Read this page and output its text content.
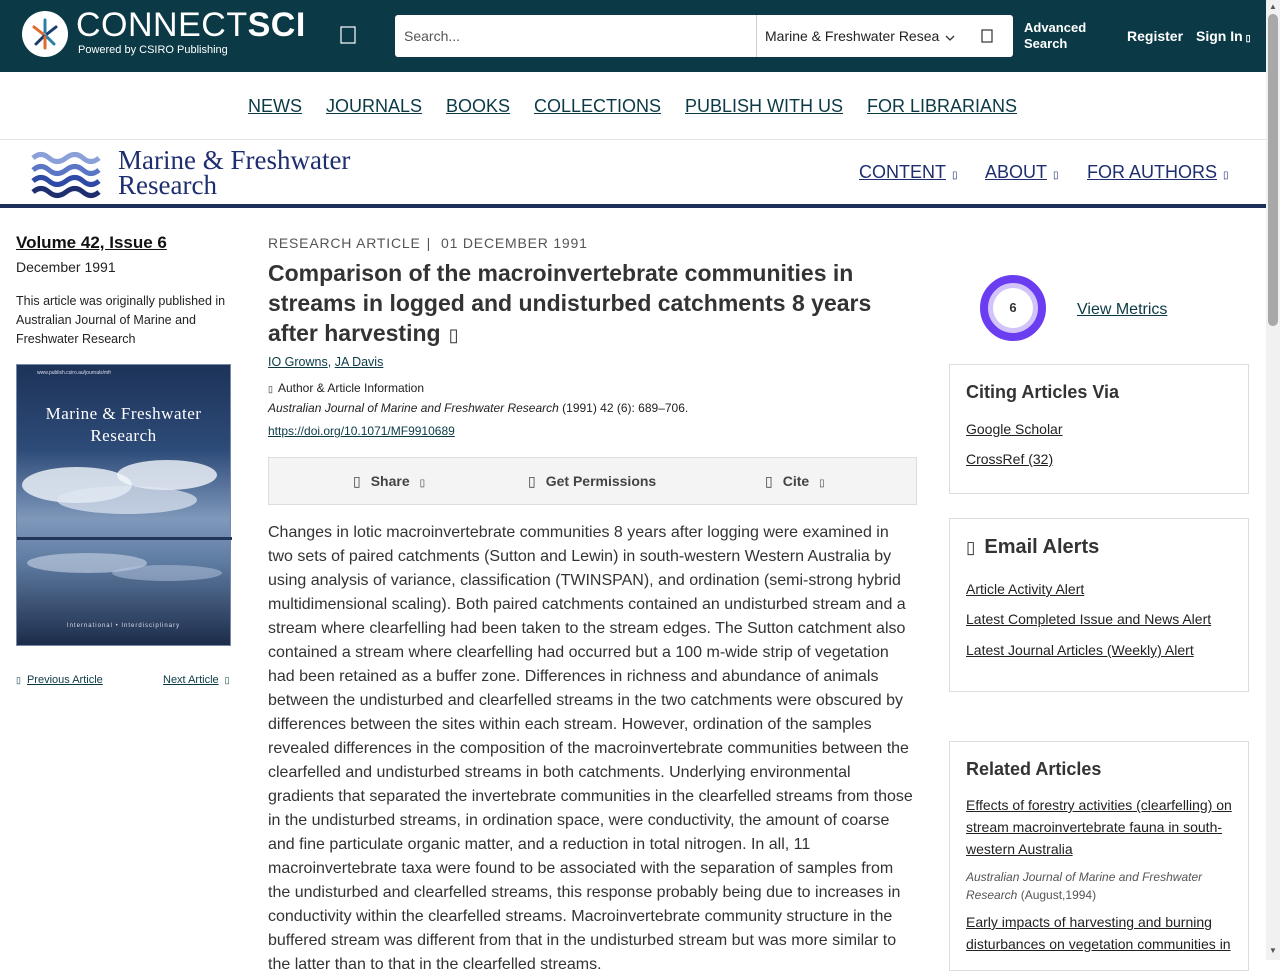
CONNECTSCI
Powered by CSIRO Publishing
Search...
Marine & Freshwater Resea
Advanced
Search	Register Sign In ▯
NEWS JOURNALS BOOKS COLLECTIONS PUBLISH WITH US FOR LIBRARIANS
Marine & Freshwater
Research	CONTENT ▯ ABOUT ▯ FOR AUTHORS ▯
Volume 42, Issue 6
December 1991
This article was originally published in Australian Journal of Marine and Freshwater Research
www.publish.csiro.au/journals/mfr
Marine & Freshwater
Research
International • Interdisciplinary
▯ Previous Article	Next Article ▯
RESEARCH ARTICLE | 01 DECEMBER 1991
Comparison of the macroinvertebrate communities in streams in logged and undisturbed catchments 8 years after harvesting ▯
IO Growns, JA Davis
▯ Author & Article Information
Australian Journal of Marine and Freshwater Research (1991) 42 (6): 689–706.
https://doi.org/10.1071/MF9910689
▯ Share ▯	▯ Get Permissions	▯ Cite ▯
Changes in lotic macroinvertebrate communities 8 years after logging were examined in two sets of paired catchments (Sutton and Lewin) in south-western Western Australia by using analysis of variance, classification (TWINSPAN), and ordination (semi-strong hybrid multidimensional scaling). Both paired catchments contained an undisturbed stream and a stream where clearfelling had been taken to the stream edges. The Sutton catchment also contained a stream where clearfelling had occurred but a 100 m-wide strip of vegetation had been retained as a buffer zone. Differences in richness and abundance of animals between the undisturbed and clearfelled streams in the two catchments were obscured by differences between the sites within each stream. However, ordination of the samples revealed differences in the composition of the macroinvertebrate communities between the clearfelled and undisturbed streams in both catchments. Underlying environmental gradients that separated the invertebrate communities in the clearfelled streams from those in the undisturbed streams, in ordination space, were conductivity, the amount of coarse and fine particulate organic matter, and a reduction in total nitrogen. In all, 11 macroinvertebrate taxa were found to be associated with the separation of samples from the undisturbed and clearfelled streams, this response probably being due to increases in conductivity within the clearfelled streams. Macroinvertebrate community structure in the buffered stream was different from that in the undisturbed stream but was more similar to the latter than to that in the clearfelled streams.
6	View Metrics
Citing Articles Via
Google Scholar
CrossRef (32)
▯ Email Alerts
Article Activity Alert
Latest Completed Issue and News Alert
Latest Journal Articles (Weekly) Alert
Related Articles
Effects of forestry activities (clearfelling) on stream macroinvertebrate fauna in south-western Australia
Australian Journal of Marine and Freshwater Research (August,1994)
Early impacts of harvesting and burning disturbances on vegetation communities in
▲
▼
